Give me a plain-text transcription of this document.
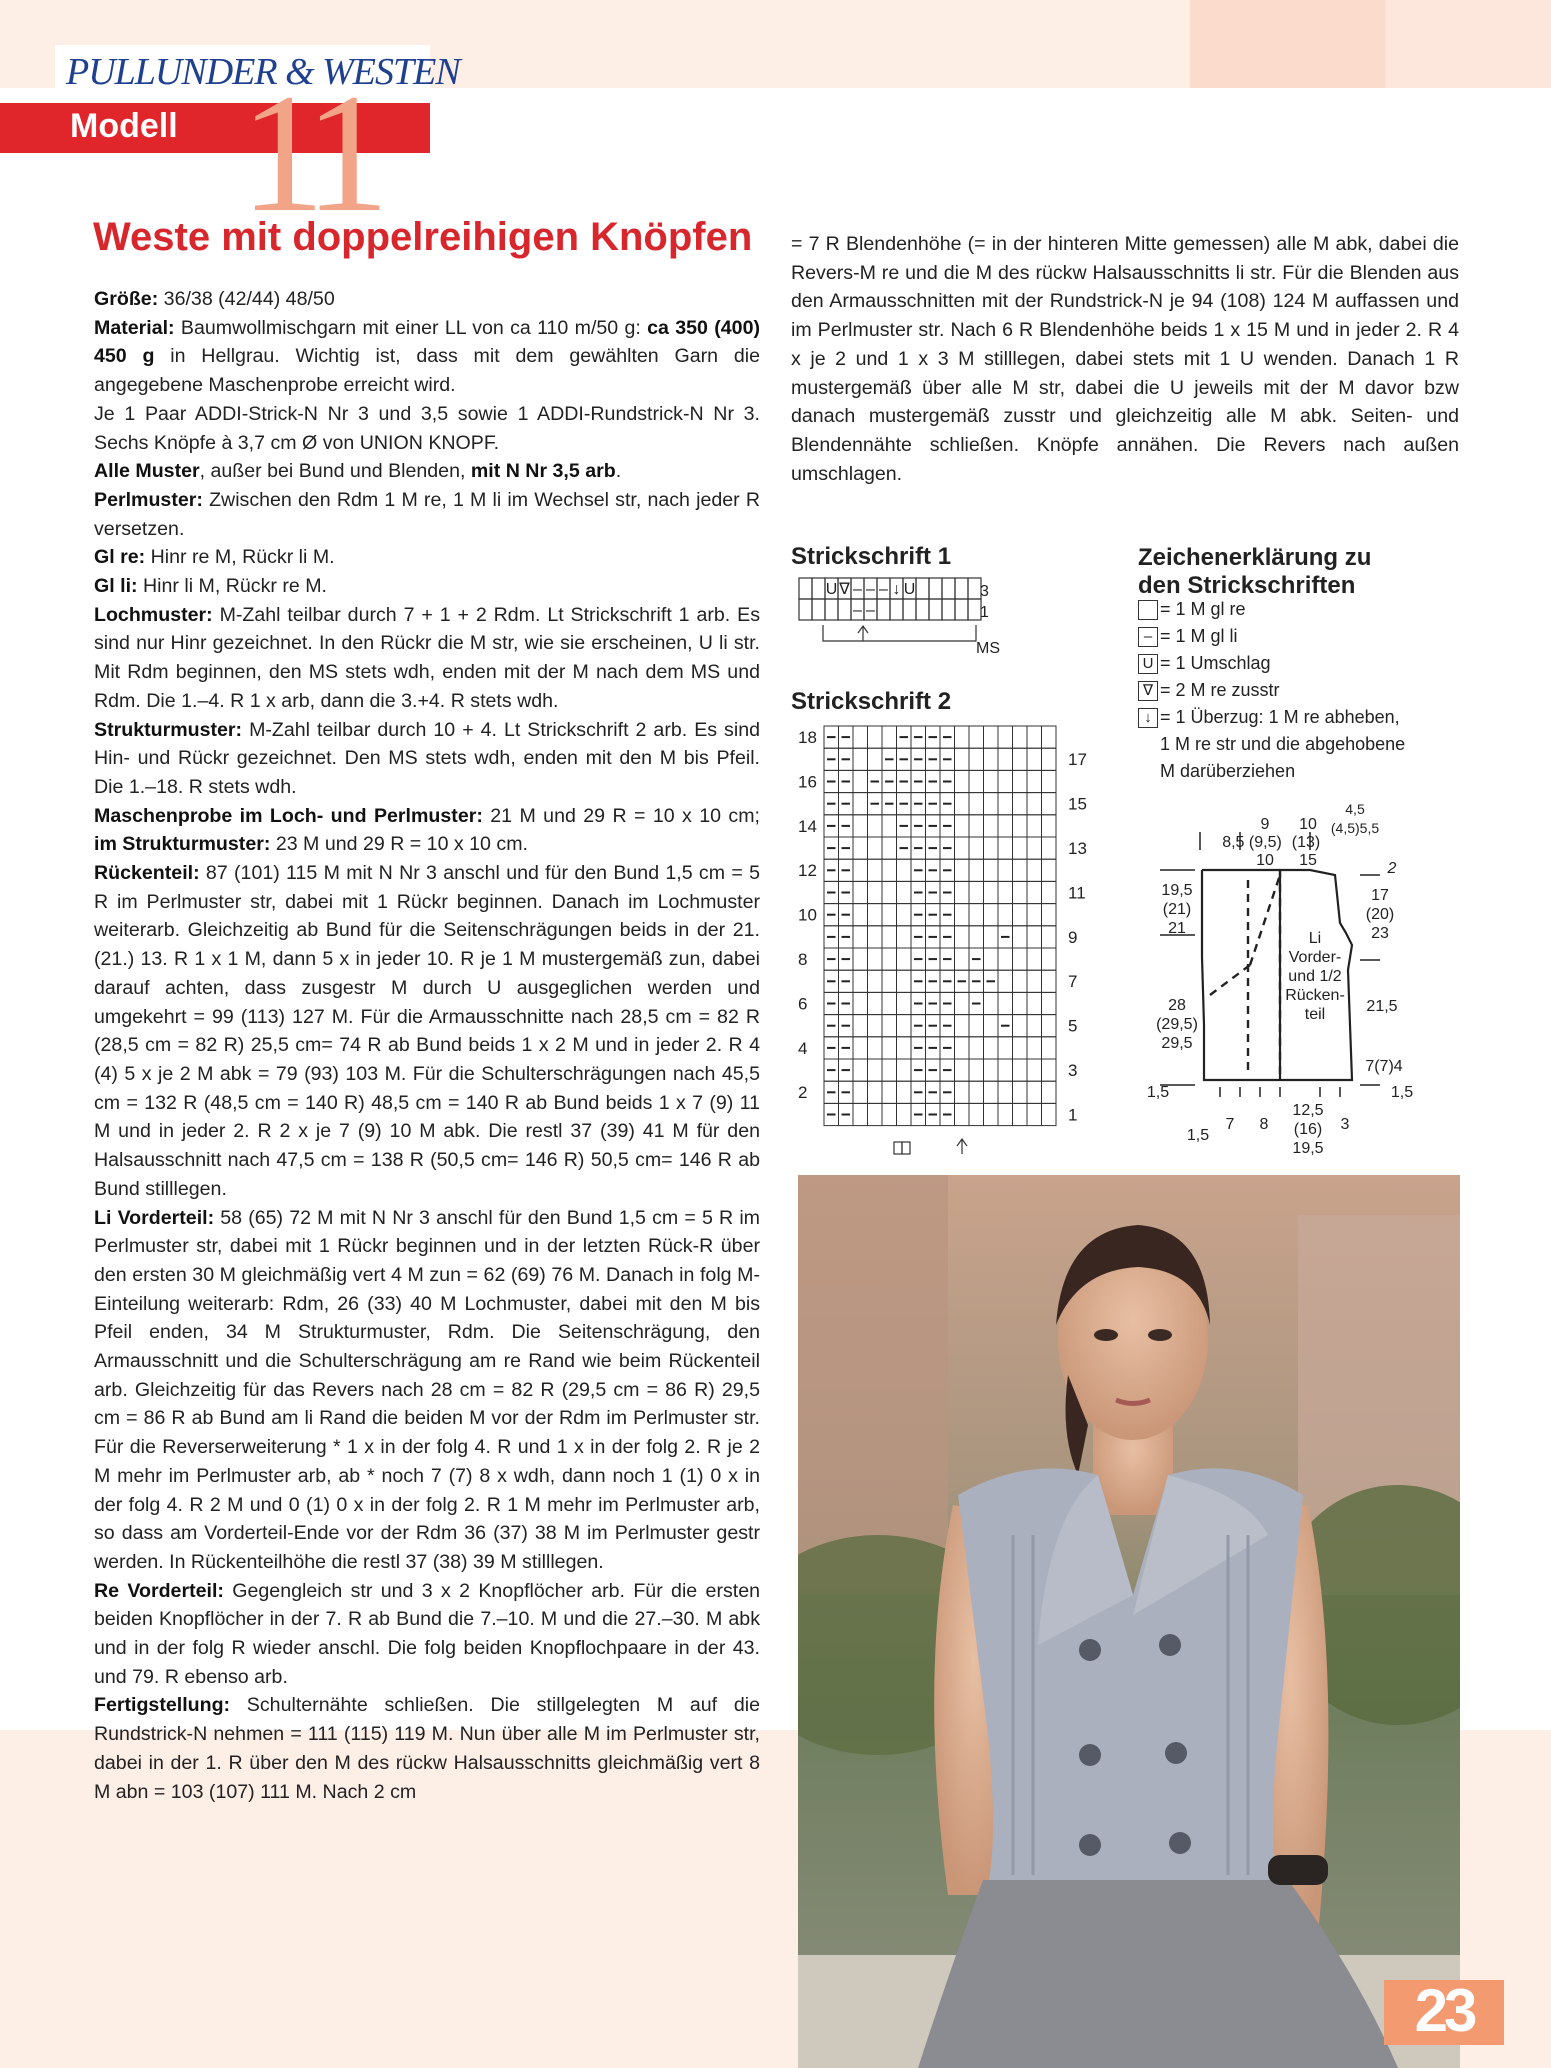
PULLUNDER & WESTEN
Modell 11
Weste mit doppelreihigen Knöpfen

Größe: 36/38 (42/44) 48/50

Material: Baumwollmischgarn mit einer LL von ca 110 m/50 g: ca 350 (400) 450 g in Hellgrau. Wichtig ist, dass mit dem gewählten Garn die angegebene Maschenprobe erreicht wird.

Je 1 Paar ADDI-Strick-N Nr 3 und 3,5 sowie 1 ADDI-Rundstrick-N Nr 3. Sechs Knöpfe à 3,7 cm Ø von UNION KNOPF.

Alle Muster, außer bei Bund und Blenden, mit N Nr 3,5 arb.

Perlmuster: Zwischen den Rdm 1 M re, 1 M li im Wechsel str, nach jeder R versetzen.

Gl re: Hinr re M, Rückr li M.

Gl li: Hinr li M, Rückr re M.

Lochmuster: M-Zahl teilbar durch 7 + 1 + 2 Rdm. Lt Strickschrift 1 arb. Es sind nur Hinr gezeichnet. In den Rückr die M str, wie sie erscheinen, U li str. Mit Rdm beginnen, den MS stets wdh, enden mit der M nach dem MS und Rdm. Die 1.–4. R 1 x arb, dann die 3.+4. R stets wdh.

Strukturmuster: M-Zahl teilbar durch 10 + 4. Lt Strickschrift 2 arb. Es sind Hin- und Rückr gezeichnet. Den MS stets wdh, enden mit den M bis Pfeil. Die 1.–18. R stets wdh.

Maschenprobe im Loch- und Perlmuster: 21 M und 29 R = 10 x 10 cm; im Strukturmuster: 23 M und 29 R = 10 x 10 cm.

Rückenteil: 87 (101) 115 M mit N Nr 3 anschl und für den Bund 1,5 cm = 5 R im Perlmuster str, dabei mit 1 Rückr beginnen. Danach im Lochmuster weiterarb. Gleichzeitig ab Bund für die Seitenschrägungen beids in der 21. (21.) 13. R 1 x 1 M, dann 5 x in jeder 10. R je 1 M mustergemäß zun, dabei darauf achten, dass zusgestr M durch U ausgeglichen werden und umgekehrt = 99 (113) 127 M. Für die Armausschnitte nach 28,5 cm = 82 R (28,5 cm = 82 R) 25,5 cm= 74 R ab Bund beids 1 x 2 M und in jeder 2. R 4 (4) 5 x je 2 M abk = 79 (93) 103 M. Für die Schulterschrägungen nach 45,5 cm = 132 R (48,5 cm = 140 R) 48,5 cm = 140 R ab Bund beids 1 x 7 (9) 11 M und in jeder 2. R 2 x je 7 (9) 10 M abk. Die restl 37 (39) 41 M für den Halsausschnitt nach 47,5 cm = 138 R (50,5 cm= 146 R) 50,5 cm= 146 R ab Bund stilllegen.

Li Vorderteil: 58 (65) 72 M mit N Nr 3 anschl für den Bund 1,5 cm = 5 R im Perlmuster str, dabei mit 1 Rückr beginnen und in der letzten Rück-R über den ersten 30 M gleichmäßig vert 4 M zun = 62 (69) 76 M. Danach in folg M-Einteilung weiterarb: Rdm, 26 (33) 40 M Lochmuster, dabei mit den M bis Pfeil enden, 34 M Strukturmuster, Rdm. Die Seitenschrägung, den Armausschnitt und die Schulterschrägung am re Rand wie beim Rückenteil arb. Gleichzeitig für das Revers nach 28 cm = 82 R (29,5 cm = 86 R) 29,5 cm = 86 R ab Bund am li Rand die beiden M vor der Rdm im Perlmuster str. Für die Reverserweiterung * 1 x in der folg 4. R und 1 x in der folg 2. R je 2 M mehr im Perlmuster arb, ab * noch 7 (7) 8 x wdh, dann noch 1 (1) 0 x in der folg 4. R 2 M und 0 (1) 0 x in der folg 2. R 1 M mehr im Perlmuster arb, so dass am Vorderteil-Ende vor der Rdm 36 (37) 38 M im Perlmuster gestr werden. In Rückenteilhöhe die restl 37 (38) 39 M stilllegen.

Re Vorderteil: Gegengleich str und 3 x 2 Knopflöcher arb. Für die ersten beiden Knopflöcher in der 7. R ab Bund die 7.–10. M und die 27.–30. M abk und in der folg R wieder anschl. Die folg beiden Knopflochpaare in der 43. und 79. R ebenso arb.

Fertigstellung: Schulternähte schließen. Die stillgelegten M auf die Rundstrick-N nehmen = 111 (115) 119 M. Nun über alle M im Perlmuster str, dabei in der 1. R über den M des rückw Halsausschnitts gleichmäßig vert 8 M abn = 103 (107) 111 M. Nach 2 cm

= 7 R Blendenhöhe (= in der hinteren Mitte gemessen) alle M abk, dabei die Revers-M re und die M des rückw Halsausschnitts li str. Für die Blenden aus den Armausschnitten mit der Rundstrick-N je 94 (108) 124 M auffassen und im Perlmuster str. Nach 6 R Blendenhöhe beids 1 x 15 M und in jeder 2. R 4 x je 2 und 1 x 3 M stilllegen, dabei stets mit 1 U wenden. Danach 1 R mustergemäß über alle M str, dabei die U jeweils mit der M davor bzw danach mustergemäß zusstr und gleichzeitig alle M abk. Seiten- und Blendennähte schließen. Knöpfe annähen. Die Revers nach außen umschlagen.

Strickschrift 1
U ∇ – – – ↓ U
– –
MS
3
1
Strickschrift 2
18
16
14
12
10
8
6
4
2
17
15
13
11
9
7
5
3
1
Zeichenerklärung zu
den Strickschriften
= 1 M gl re
– = 1 M gl li
U = 1 Umschlag
∇ = 2 M re zusstr
↓ = 1 Überzug: 1 M re abheben,
1 M re str und die abgehobene
M darüberziehen
9 10
4,5
8,5 (9,5) (13)
(4,5)5,5
10 15	2
19,5
(21)
21
17
(20)
23
Li
Vorder-
und 1/2
Rücken-
teil
28
(29,5)
29,5
21,5
7(7)4
1,5	1,5
1,5
7 8
12,5
(16)
19,5
3
23
